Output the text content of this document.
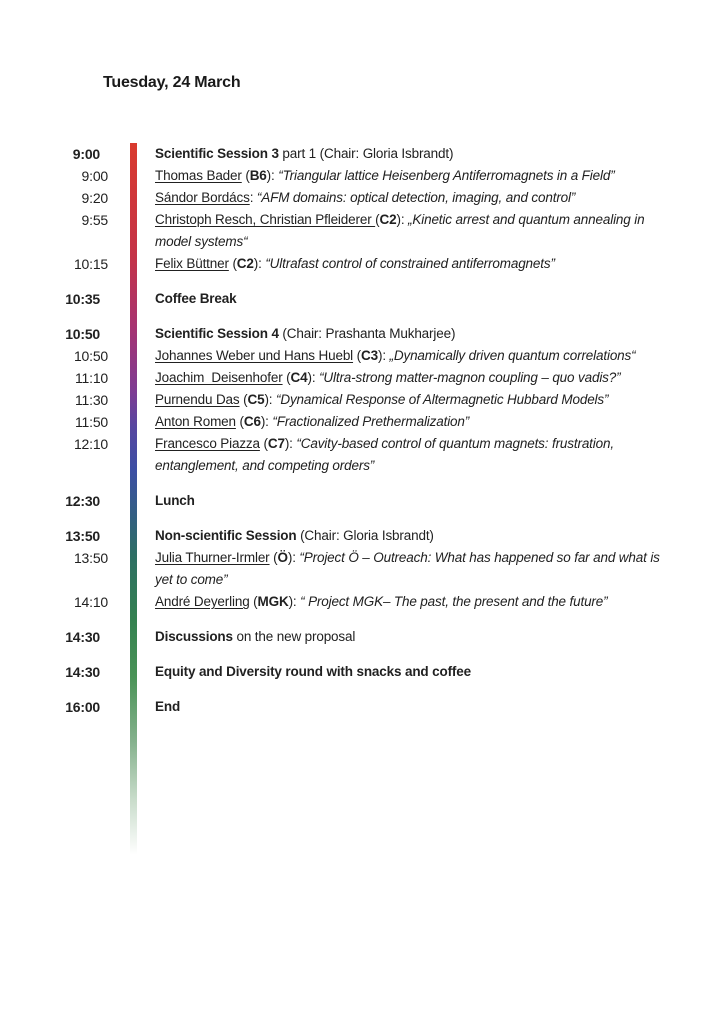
Tuesday, 24 March
9:00	Scientific Session 3 part 1 (Chair: Gloria Isbrandt)
9:00	Thomas Bader (B6): “Triangular lattice Heisenberg Antiferromagnets in a Field”
9:20	Sándor Bordács: “AFM domains: optical detection, imaging, and control”
9:55	Christoph Resch, Christian Pfleiderer (C2): „Kinetic arrest and quantum annealing in model systems“
10:15	Felix Büttner (C2): “Ultrafast control of constrained antiferromagnets”
10:35	Coffee Break
10:50	Scientific Session 4 (Chair: Prashanta Mukharjee)
10:50	Johannes Weber und Hans Huebl (C3): „Dynamically driven quantum correlations“
11:10	Joachim  Deisenhofer (C4): “Ultra-strong matter-magnon coupling – quo vadis?”
11:30	Purnendu Das (C5): “Dynamical Response of Altermagnetic Hubbard Models”
11:50	Anton Romen (C6): “Fractionalized Prethermalization”
12:10	Francesco Piazza (C7): “Cavity-based control of quantum magnets: frustration, entanglement, and competing orders”
12:30	Lunch
13:50	Non-scientific Session (Chair: Gloria Isbrandt)
13:50	Julia Thurner-Irmler (Ö): “Project Ö – Outreach: What has happened so far and what is yet to come”
14:10	André Deyerling (MGK): “ Project MGK– The past, the present and the future”
14:30	Discussions on the new proposal
14:30	Equity and Diversity round with snacks and coffee
16:00	End
